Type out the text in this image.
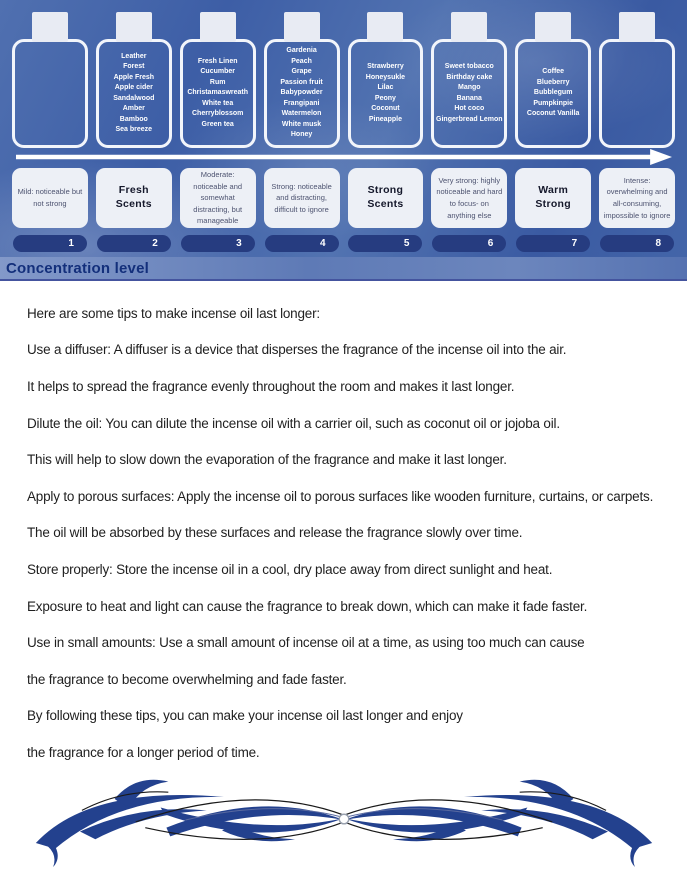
Leather
Forest
Apple Fresh
Apple cider
Sandalwood
Amber
Bamboo
Sea breeze
Fresh Linen
Cucumber
Rum
Christamaswreath
White tea
Cherryblossom
Green tea
Gardenia
Peach
Grape
Passion fruit
Babypowder
Frangipani
Watermelon
White musk
Honey
Strawberry
Honeysukle
Lilac
Peony
Coconut
Pineapple
Sweet tobacco
Birthday cake
Mango
Banana
Hot coco
Gingerbread Lemon
Coffee
Blueberry
Bubblegum
Pumpkinpie
Coconut Vanilla
Mild: noticeable but not strong
Fresh Scents
Moderate: noticeable and somewhat distracting, but manageable
Strong: noticeable and distracting, difficult to ignore
Strong Scents
Very strong: highly noticeable and hard to focus- on anything else
Warm Strong
Intense: overwhelming and all-consuming, impossible to ignore
1	2	3	4	5	6	7	8
Concentration level

Here are some tips to make incense oil last longer:

Use a diffuser: A diffuser is a device that disperses the fragrance of the incense oil into the air.

It helps to spread the fragrance evenly throughout the room and makes it last longer.

Dilute the oil: You can dilute the incense oil with a carrier oil, such as coconut oil or jojoba oil.

This will help to slow down the evaporation of the fragrance and make it last longer.

Apply to porous surfaces: Apply the incense oil to porous surfaces like wooden furniture, curtains, or carpets.

The oil will be absorbed by these surfaces and release the fragrance slowly over time.

Store properly: Store the incense oil in a cool, dry place away from direct sunlight and heat.

Exposure to heat and light can cause the fragrance to break down, which can make it fade faster.

Use in small amounts: Use a small amount of incense oil at a time, as using too much can cause

the fragrance to become overwhelming and fade faster.

By following these tips, you can make your incense oil last longer and enjoy

the fragrance for a longer period of time.
